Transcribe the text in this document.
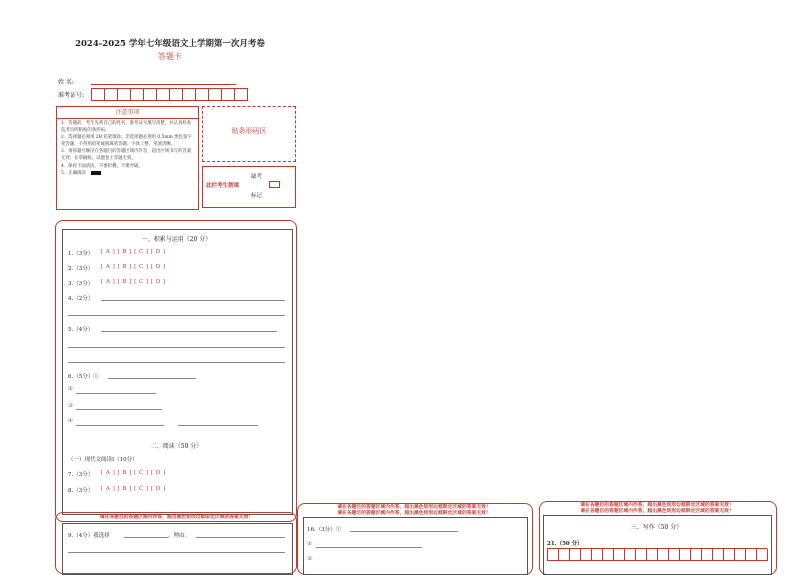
2024-2025 学年七年级语文上学期第一次月考卷
答题卡
姓 名:
准考证号:
注意事项

1．答题前，考生先将自己的姓名，准考证号填写清楚，并认真检查监考员所粘贴的条形码。

2．选择题必须用 2B 铅笔填涂；非选择题必须用 0.5mm 黑色签字笔答题，不得用铅笔或圆珠笔答题；字体工整、笔迹清晰。

3．请按题号顺序在各题目的答题区域内作答，超出区域书写的答案无效；在草稿纸、试题卷上答题无效。

4．保持卡面清洁，不要折叠、不要弄破。

5．正确填涂

贴条形码区
缺考
此栏考生禁填
标记
一、积累与运用（20 分）
1.（3分） [ A ] [ B ] [ C ] [ D ]
2.（3分） [ A ] [ B ] [ C ] [ D ]
3.（3分） [ A ] [ B ] [ C ] [ D ]
4.（2分）
5.（4分）
6.（5分）①
②
③
④
二、阅读（50 分）
（一）现代文阅读Ⅰ（10分）
7.（3分） [ A ] [ B ] [ C ] [ D ]
8.（3分） [ A ] [ B ] [ C ] [ D ]
请在各题目的答题区域内作答，超出黑色矩形边框限定区域的答案无效！
9.（4分）我选择	，理由：
请在各题目的答题区域内作答，超出黑色矩形边框限定区域的答案无效！
请在各题目的答题区域内作答，超出黑色矩形边框限定区域的答案无效！
16.（3分）①
②
③
请在各题目的答题区域内作答，超出黑色矩形边框限定区域的答案无效！
请在各题目的答题区域内作答，超出黑色矩形边框限定区域的答案无效！
三、写作（50 分）
21.（50 分）
